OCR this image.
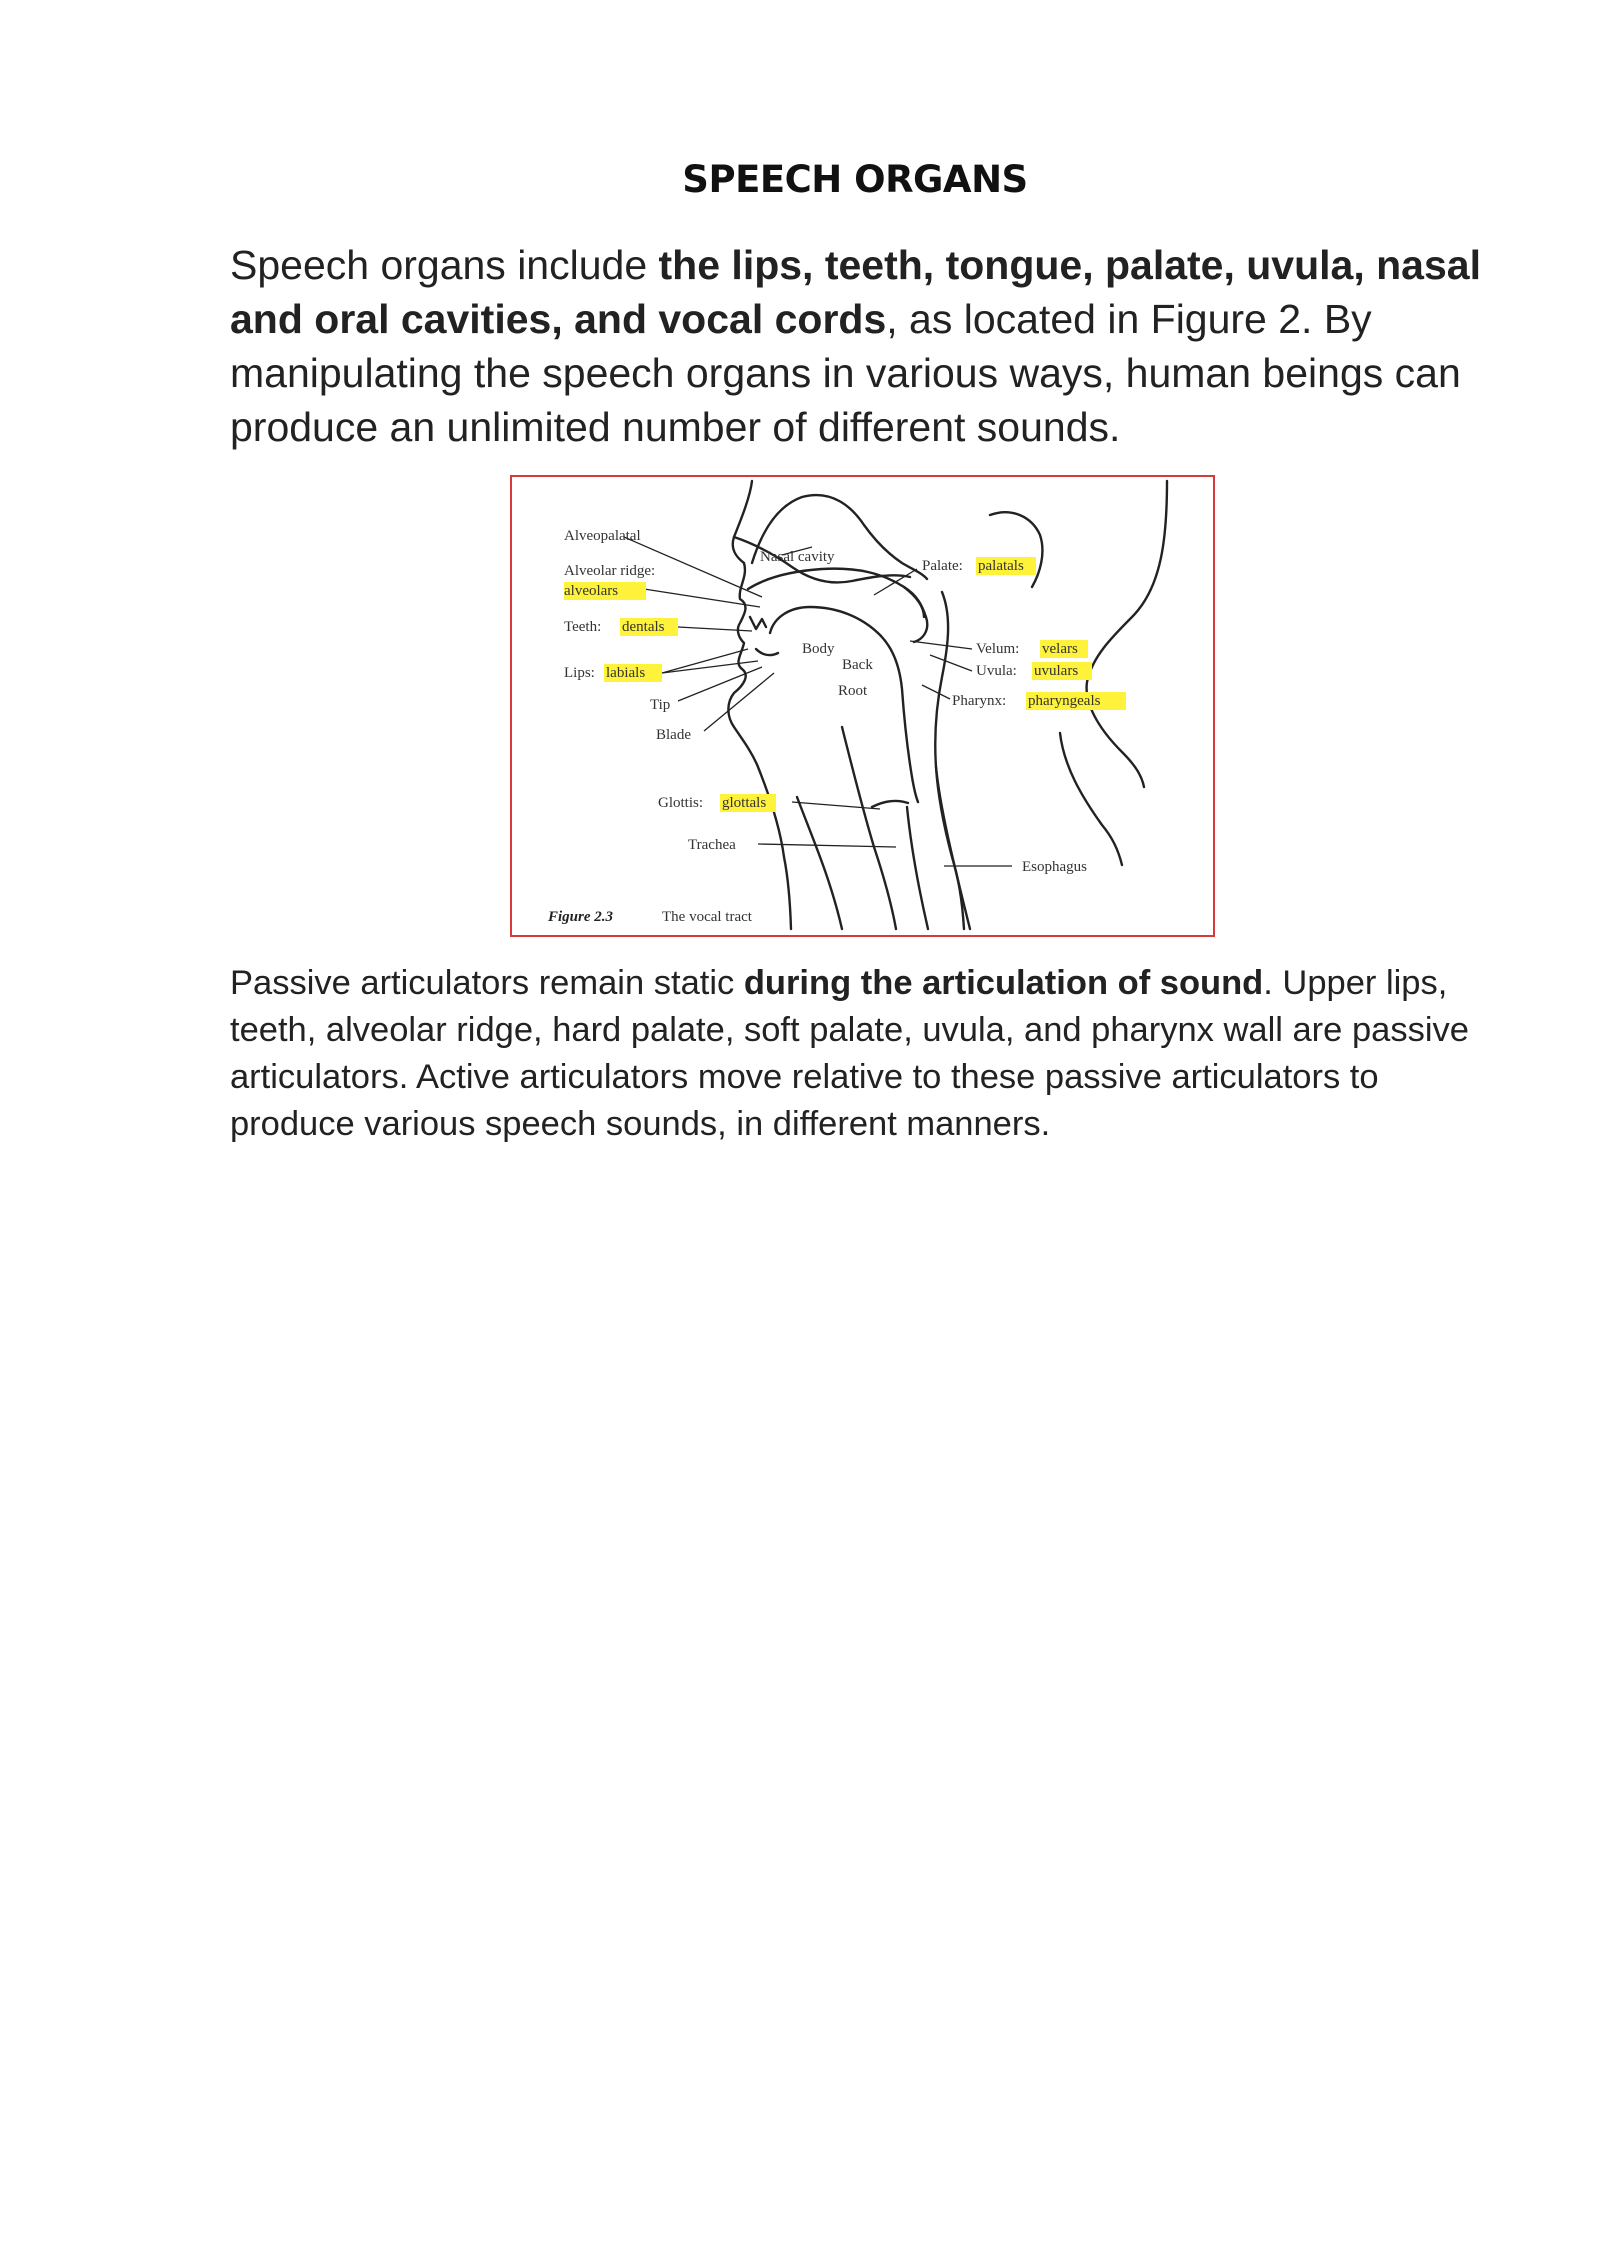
SPEECH ORGANS

Speech organs include the lips, teeth, tongue, palate, uvula, nasal and oral cavities, and vocal cords, as located in Figure 2. By manipulating the speech organs in various ways, human beings can produce an unlimited number of different sounds.

Alveopalatal
Alveolar ridge:
alveolars
Teeth: dentals
Lips: labials
Tip
Blade
Nasal cavity
Palate: palatals
Body
Back
Root
Velum: velars
Uvula: uvulars
Pharynx: pharyngeals
Glottis: glottals
Trachea
Esophagus
Figure 2.3	The vocal tract

Passive articulators remain static during the articulation of sound. Upper lips, teeth, alveolar ridge, hard palate, soft palate, uvula, and pharynx wall are passive articulators. Active articulators move relative to these passive articulators to produce various speech sounds, in different manners.
